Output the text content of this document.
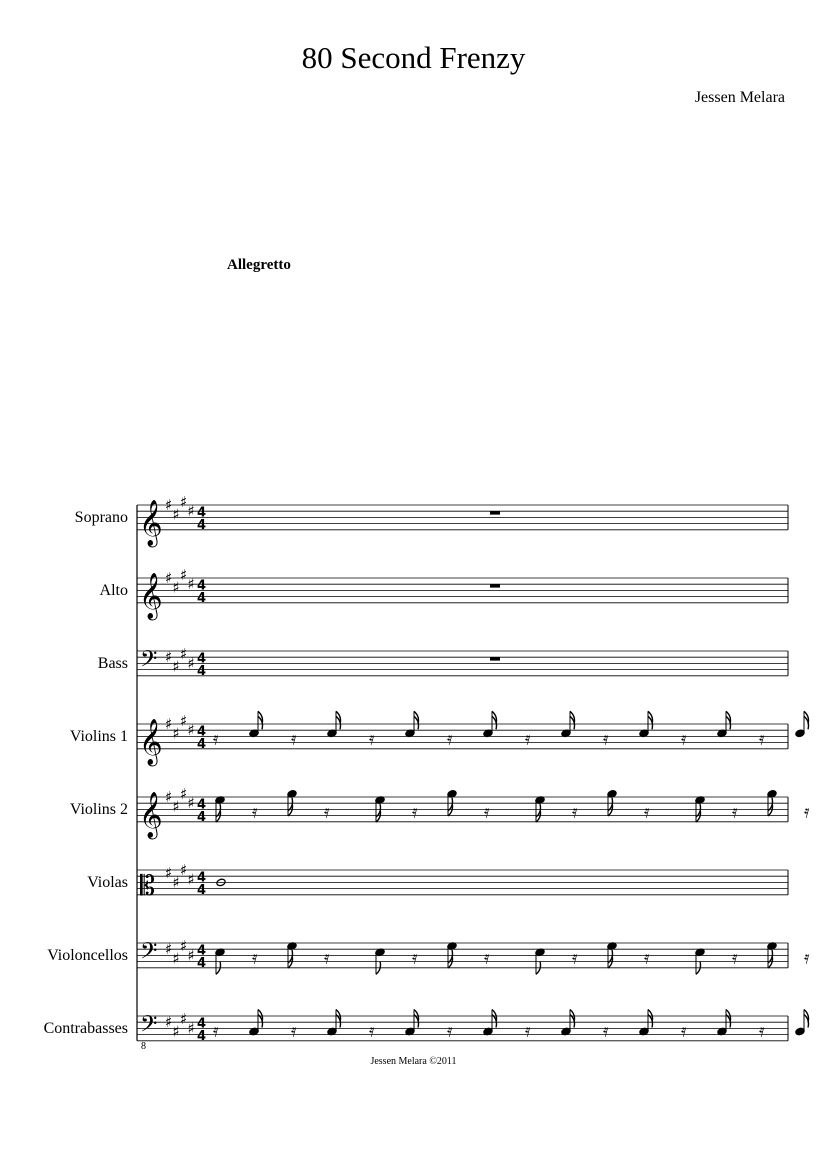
80 Second Frenzy
Jessen Melara
Allegretto
Soprano
Alto
Bass
Violins 1
Violins 2
Violas
Violoncellos
Contrabasses
𝄞 ♯
♯
♯
♯ 4
4
𝄞 ♯
♯
♯
♯ 4
4
𝄢 ♯
♯
♯
♯ 4
4
𝄞 ♯
♯
♯
♯ 4
4
𝄞 ♯
♯
♯
♯ 4
4
𝄡 ♯
♯
♯
♯ 4
4
𝄢 ♯
♯
♯
♯ 4
4
𝄢 ♯
♯
♯
♯ 4
4
𝄿	𝄿	𝄿	𝄿	𝄿	𝄿	𝄿	𝄿
𝄿	𝄿	𝄿	𝄿	𝄿	𝄿	𝄿	𝄿
𝄿	𝄿	𝄿	𝄿	𝄿	𝄿	𝄿	𝄿
𝄿	𝄿	𝄿	𝄿	𝄿	𝄿	𝄿	𝄿
8
Jessen Melara ©2011
